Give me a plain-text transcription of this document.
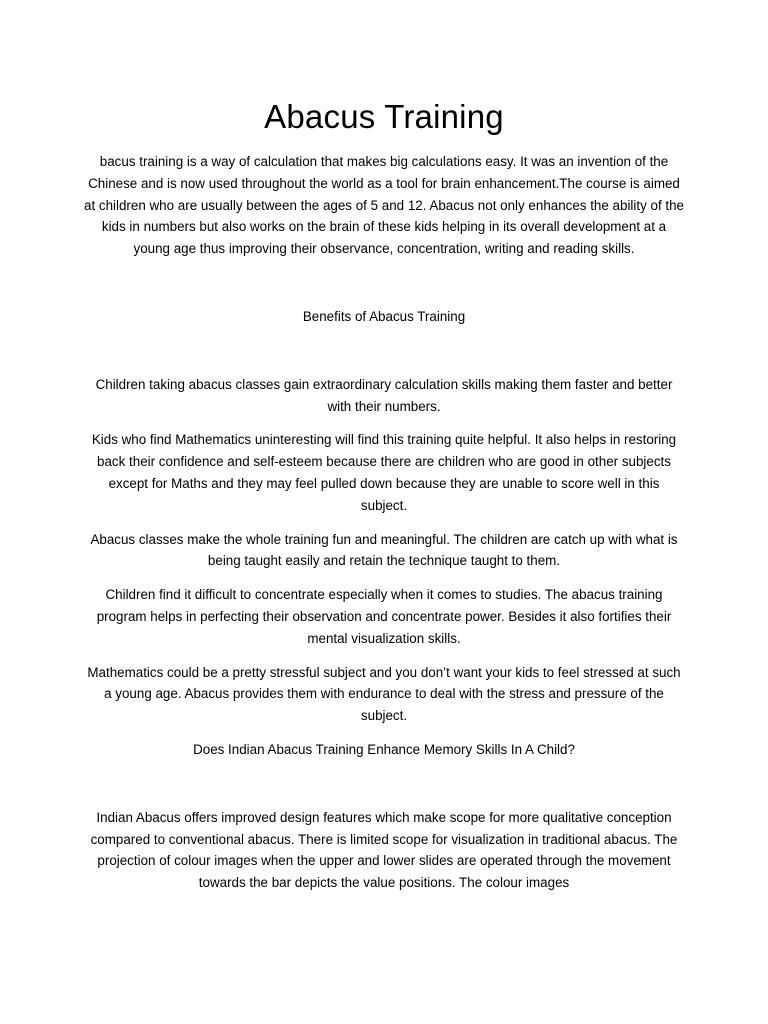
Abacus Training

bacus training is a way of calculation that makes big calculations easy. It was an invention of the Chinese and is now used throughout the world as a tool for brain enhancement.The course is aimed at children who are usually between the ages of 5 and 12. Abacus not only enhances the ability of the kids in numbers but also works on the brain of these kids helping in its overall development at a young age thus improving their observance, concentration, writing and reading skills.

Benefits of Abacus Training

Children taking abacus classes gain extraordinary calculation skills making them faster and better with their numbers.

Kids who find Mathematics uninteresting will find this training quite helpful. It also helps in restoring back their confidence and self-esteem because there are children who are good in other subjects except for Maths and they may feel pulled down because they are unable to score well in this subject.

Abacus classes make the whole training fun and meaningful. The children are catch up with what is being taught easily and retain the technique taught to them.

Children find it difficult to concentrate especially when it comes to studies. The abacus training program helps in perfecting their observation and concentrate power. Besides it also fortifies their mental visualization skills.

Mathematics could be a pretty stressful subject and you don’t want your kids to feel stressed at such a young age. Abacus provides them with endurance to deal with the stress and pressure of the subject.

Does Indian Abacus Training Enhance Memory Skills In A Child?

Indian Abacus offers improved design features which make scope for more qualitative conception compared to conventional abacus. There is limited scope for visualization in traditional abacus. The projection of colour images when the upper and lower slides are operated through the movement towards the bar depicts the value positions. The colour images
